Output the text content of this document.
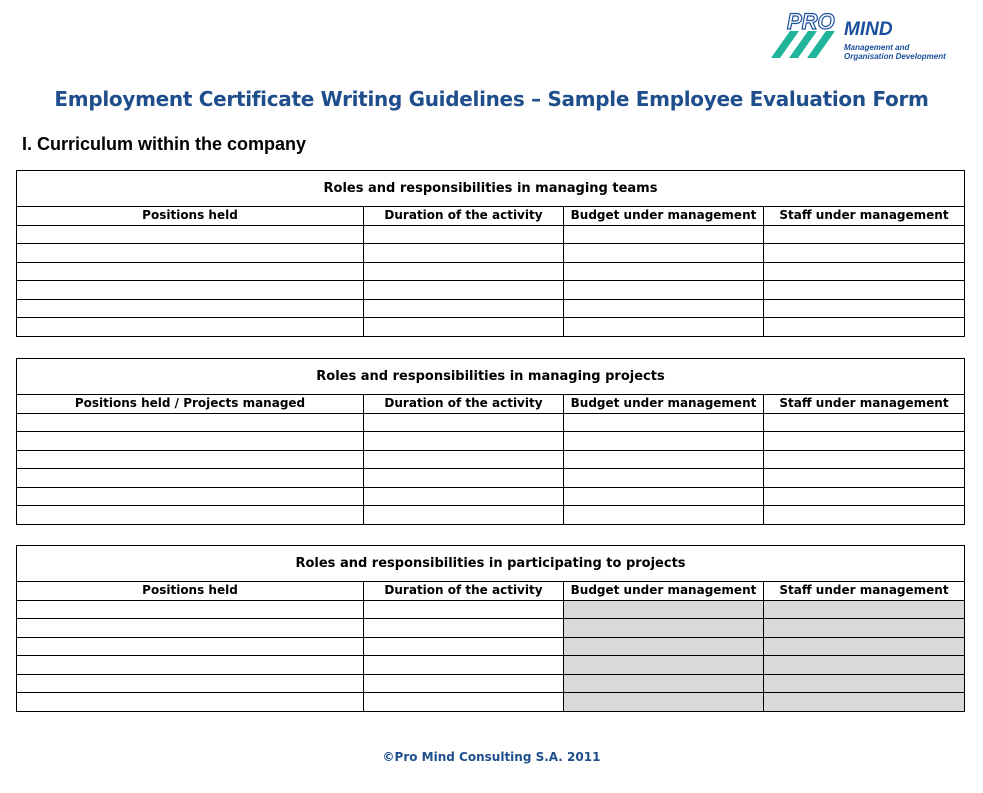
PRO MIND
Management and
Organisation Development
Employment Certificate Writing Guidelines – Sample Employee Evaluation Form
I. Curriculum within the company
Roles and responsibilities in managing teams			
Positions held	Duration of the activity	Budget under management	Staff under management

Roles and responsibilities in managing projects			
Positions held / Projects managed	Duration of the activity	Budget under management	Staff under management

Roles and responsibilities in participating to projects			
Positions held	Duration of the activity	Budget under management	Staff under management

©Pro Mind Consulting S.A. 2011
